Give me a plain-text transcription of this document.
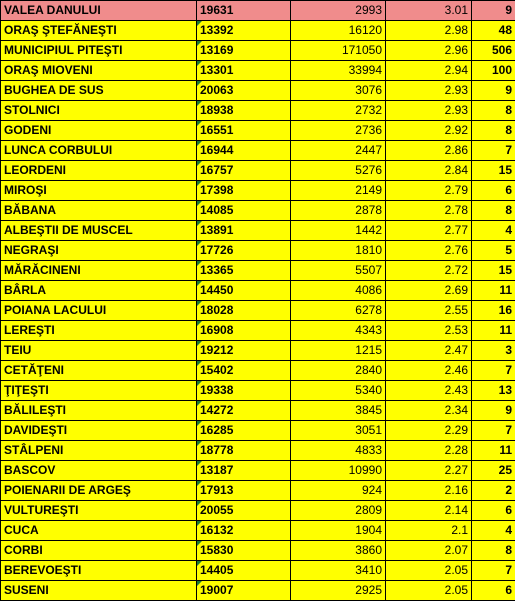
VALEA DANULUI	19631	2993	3.01	9
ORAŞ ŞTEFĂNEŞTI	13392	16120	2.98	48
MUNICIPIUL PITEŞTI	13169	171050	2.96	506
ORAŞ MIOVENI	13301	33994	2.94	100
BUGHEA DE SUS	20063	3076	2.93	9
STOLNICI	18938	2732	2.93	8
GODENI	16551	2736	2.92	8
LUNCA CORBULUI	16944	2447	2.86	7
LEORDENI	16757	5276	2.84	15
MIROŞI	17398	2149	2.79	6
BĂBANA	14085	2878	2.78	8
ALBEŞTII DE MUSCEL	13891	1442	2.77	4
NEGRAŞI	17726	1810	2.76	5
MĂRĂCINENI	13365	5507	2.72	15
BÂRLA	14450	4086	2.69	11
POIANA LACULUI	18028	6278	2.55	16
LEREŞTI	16908	4343	2.53	11
TEIU	19212	1215	2.47	3
CETĂŢENI	15402	2840	2.46	7
ŢIŢEŞTI	19338	5340	2.43	13
BĂLILEŞTI	14272	3845	2.34	9
DAVIDEŞTI	16285	3051	2.29	7
STÂLPENI	18778	4833	2.28	11
BASCOV	13187	10990	2.27	25
POIENARII DE ARGEŞ	17913	924	2.16	2
VULTUREŞTI	20055	2809	2.14	6
CUCA	16132	1904	2.1	4
CORBI	15830	3860	2.07	8
BEREVOEŞTI	14405	3410	2.05	7
SUSENI	19007	2925	2.05	6
